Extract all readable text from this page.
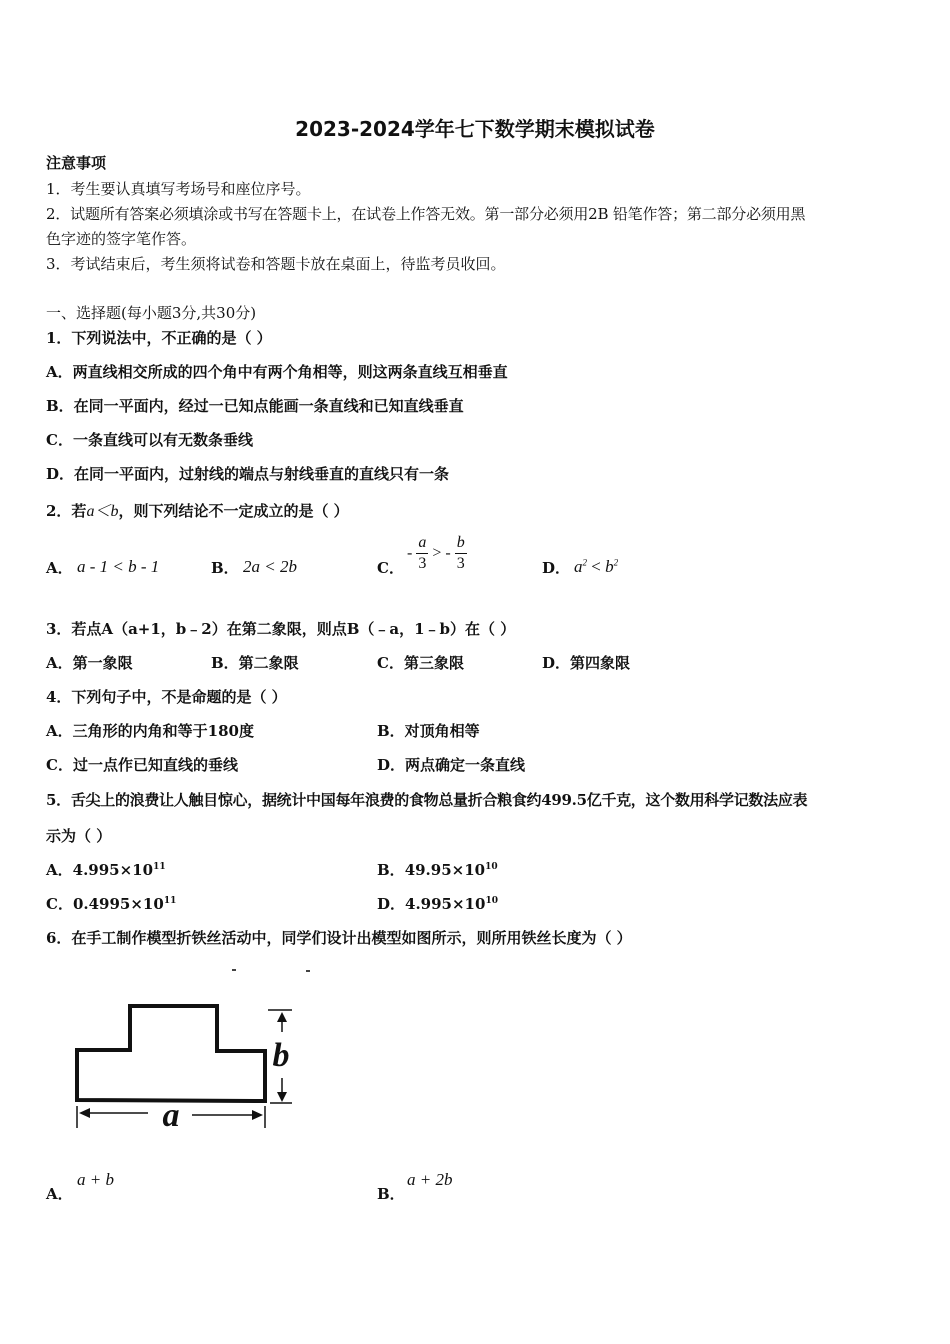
2023-2024学年七下数学期末模拟试卷
注意事项
1．考生要认真填写考场号和座位序号。
2．试题所有答案必须填涂或书写在答题卡上，在试卷上作答无效。第一部分必须用2B 铅笔作答；第二部分必须用黑
色字迹的签字笔作答。
3．考试结束后，考生须将试卷和答题卡放在桌面上，待监考员收回。
一、选择题(每小题3分,共30分)
1．下列说法中，不正确的是（ ）
A．两直线相交所成的四个角中有两个角相等，则这两条直线互相垂直
B．在同一平面内，经过一已知点能画一条直线和已知直线垂直
C．一条直线可以有无数条垂线
D．在同一平面内，过射线的端点与射线垂直的直线只有一条
2．若a＜b，则下列结论不一定成立的是（ ）
A． a - 1 < b - 1	B． 2a < 2b	C．
- $\frac{a}{3}$ > - $\frac{b}{3}$	D． $a^2 < b^2$
3．若点A（a+1，b﹣2）在第二象限，则点B（﹣a，1﹣b）在（ ）
A．第一象限	B．第二象限	C．第三象限	D．第四象限
4．下列句子中，不是命题的是（ ）
A．三角形的内角和等于180度	B．对顶角相等
C．过一点作已知直线的垂线	D．两点确定一条直线
5．舌尖上的浪费让人触目惊心，据统计中国每年浪费的食物总量折合粮食约499.5亿千克，这个数用科学记数法应表
示为（ ）
A．$4.995\times 10^{11}$	B．$49.95\times 10^{10}$
C．$0.4995\times 10^{11}$	D．$4.995\times 10^{10}$
6．在手工制作模型折铁丝活动中，同学们设计出模型如图所示，则所用铁丝长度为（ ）
b
a
A．
a + b
B．
a + 2b
